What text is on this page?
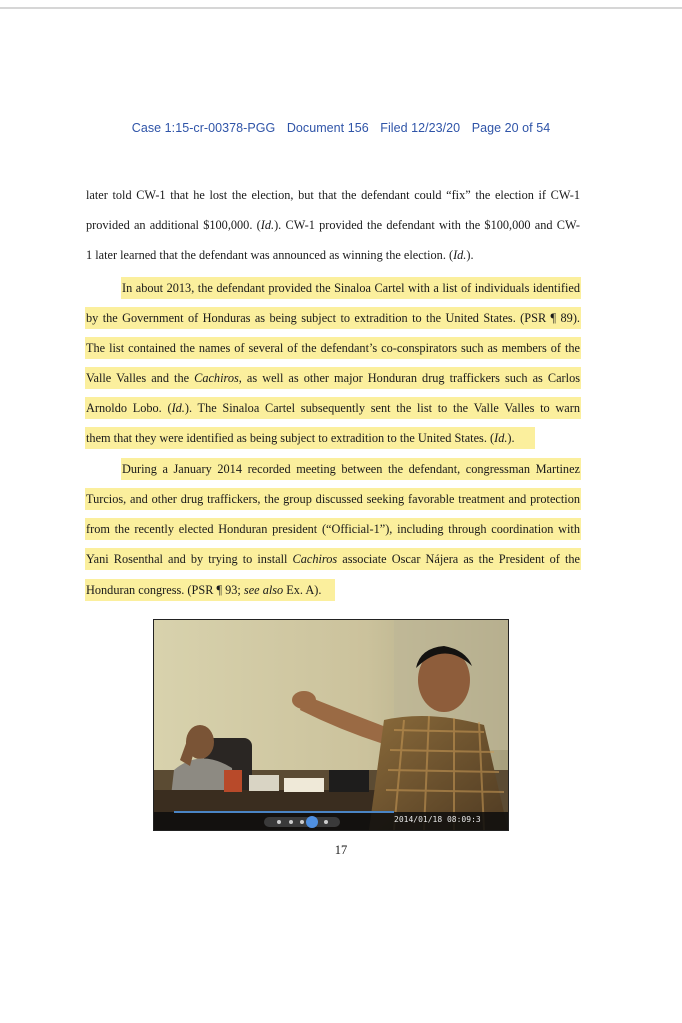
Case 1:15-cr-00378-PGG Document 156 Filed 12/23/20 Page 20 of 54
later told CW-1 that he lost the election, but that the defendant could “fix” the election if CW-1
provided an additional $100,000. (Id.). CW-1 provided the defendant with the $100,000 and CW-
1 later learned that the defendant was announced as winning the election. (Id.).
In about 2013, the defendant provided the Sinaloa Cartel with a list of individuals identified
by the Government of Honduras as being subject to extradition to the United States. (PSR ¶ 89).
The list contained the names of several of the defendant’s co-conspirators such as members of the
Valle Valles and the Cachiros, as well as other major Honduran drug traffickers such as Carlos
Arnoldo Lobo. (Id.). The Sinaloa Cartel subsequently sent the list to the Valle Valles to warn
them that they were identified as being subject to extradition to the United States. (Id.).
During a January 2014 recorded meeting between the defendant, congressman Martinez
Turcios, and other drug traffickers, the group discussed seeking favorable treatment and protection
from the recently elected Honduran president (“Official-1”), including through coordination with
Yani Rosenthal and by trying to install Cachiros associate Oscar Nájera as the President of the
Honduran congress. (PSR ¶ 93; see also Ex. A).
2014/01/18 08:09:3
17
